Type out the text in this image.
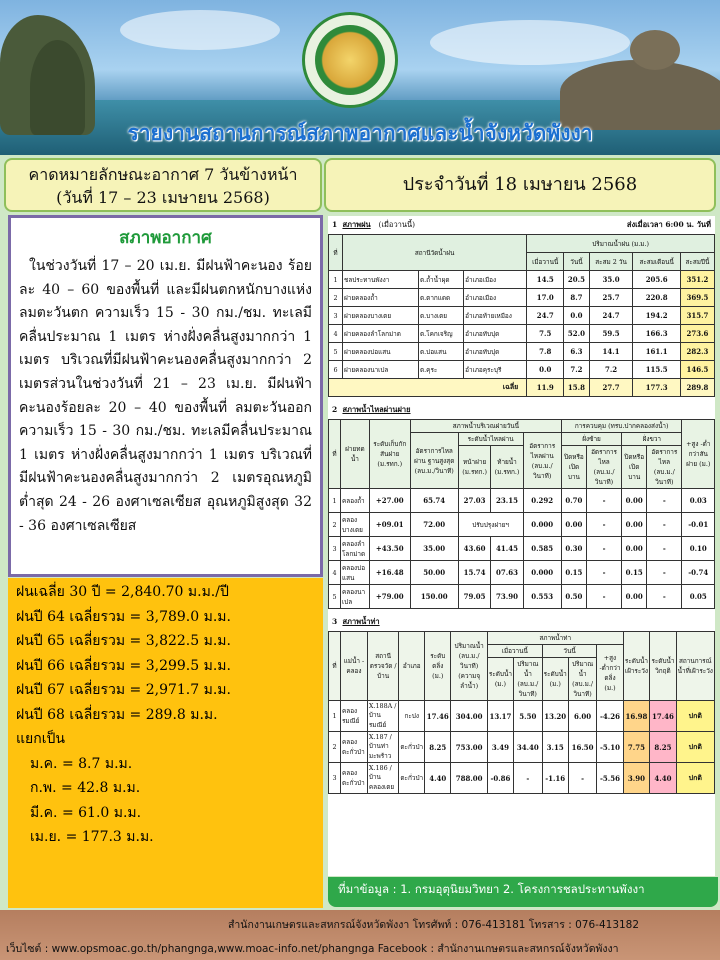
รายงานสถานการณ์สภาพอากาศและน้ำจังหวัดพังงา
คาดหมายลักษณะอากาศ 7 วันข้างหน้า
(วันที่ 17 – 23 เมษายน 2568)
ประจำวันที่ 18 เมษายน 2568
สภาพอากาศ
ในช่วงวันที่ 17 – 20 เม.ย. มีฝนฟ้าคะนอง ร้อยละ 40 – 60 ของพื้นที่ และมีฝนตกหนักบางแห่งลมตะวันตก ความเร็ว 15 - 30 กม./ชม. ทะเลมีคลื่นประมาณ 1 เมตร ห่างฝั่งคลื่นสูงมากกว่า 1 เมตร บริเวณที่มีฝนฟ้าคะนองคลื่นสูงมากกว่า 2 เมตรส่วนในช่วงวันที่ 21 – 23 เม.ย. มีฝนฟ้าคะนองร้อยละ 20 – 40 ของพื้นที่ ลมตะวันออก ความเร็ว 15 - 30 กม./ชม. ทะเลมีคลื่นประมาณ 1 เมตร ห่างฝั่งคลื่นสูงมากกว่า 1 เมตร บริเวณที่มีฝนฟ้าคะนองคลื่นสูงมากกว่า 2 เมตรอุณหภูมิต่ำสุด 24 - 26 องศาเซลเซียส อุณหภูมิสูงสุด 32 - 36 องศาเซลเซียส
ฝนเฉลี่ย 30 ปี = 2,840.70 ม.ม./ปี
ฝนปี 64 เฉลี่ยรวม = 3,789.0 ม.ม.
ฝนปี 65 เฉลี่ยรวม = 3,822.5 ม.ม.
ฝนปี 66 เฉลี่ยรวม = 3,299.5 ม.ม.
ฝนปี 67 เฉลี่ยรวม = 2,971.7 ม.ม.
ฝนปี 68 เฉลี่ยรวม = 289.8 ม.ม.
แยกเป็น
ม.ค. = 8.7 ม.ม.
ก.พ. = 42.8 ม.ม.
มี.ค. = 61.0 ม.ม.
เม.ย. = 177.3 ม.ม.
1 สภาพฝน (เมื่อวานนี้)	ส่งเมื่อเวลา 6:00 น. วันที่
ที่	สถานีวัดน้ำฝน			ปริมาณน้ำฝน (ม.ม.)				
				เมื่อวานนี้	วันนี้	สะสม 2 วัน	สะสมเดือนนี้	สะสมปีนี้
1	ชลประทานพังงา	ต.ถ้ำน้ำผุด	อำเภอเมือง	14.5	20.5	35.0	205.6	351.2
2	ฝายคลองถ้ำ	ต.ตากแดด	อำเภอเมือง	17.0	8.7	25.7	220.8	369.5
3	ฝายคลองบางเตย	ต.บางเตย	อำเภอท้ายเหมือง	24.7	0.0	24.7	194.2	315.7
4	ฝายคลองลำโลกม่าด	ต.โคกเจริญ	อำเภอทับปุด	7.5	52.0	59.5	166.3	273.6
5	ฝายคลองบ่อแสน	ต.บ่อแสน	อำเภอทับปุด	7.8	6.3	14.1	161.1	282.3
6	ฝายคลองนาเปล	ต.คุระ	อำเภอคุระบุรี	0.0	7.2	7.2	115.5	146.5
เฉลี่ย				11.9	15.8	27.7	177.3	289.8
2 สภาพน้ำไหลผ่านฝาย
ที่	ฝายทดน้ำ	ระดับเก็บกักสันฝาย (ม.รทก.)	สภาพน้ำบริเวณฝายวันนี้				การควบคุม (ทรบ.ปากคลองส่งน้ำ)				+สูง -ต่ำกว่าสันฝาย (ม.)
			อัตราการไหลผ่าน ฐานสูงสุด (ลบ.ม./วินาที)	ระดับน้ำไหลผ่าน		อัตราการไหลผ่าน (ลบ.ม./วินาที)	ฝั่งซ้าย		ฝั่งขวา		
				หน้าฝาย (ม.รทก.)	ท้ายน้ำ (ม.รทก.)		ปิดหรือเปิดบาน	อัตราการไหล (ลบ.ม./วินาที)	ปิดหรือเปิดบาน	อัตราการไหล (ลบ.ม./วินาที)	
1	คลองถ้ำ	+27.00	65.74	27.03	23.15	0.292	0.70	-	0.00	-	0.03
2	คลองบางเตย	+09.01	72.00	ปรับปรุงฝายฯ		0.000	0.00	-	0.00	-	-0.01
3	คลองลำโลกม่าด	+43.50	35.00	43.60	41.45	0.585	0.30	-	0.00	-	0.10
4	คลองบ่อแสน	+16.48	50.00	15.74	07.63	0.000	0.15	-	0.15	-	-0.74
5	คลองนาเปล	+79.00	150.00	79.05	73.90	0.553	0.50	-	0.00	-	0.05
3 สภาพน้ำท่า
ที่	แม่น้ำ - คลอง	สถานีตรวจวัด / บ้าน	อำเภอ	ระดับตลิ่ง (ม.)	ปริมาณน้ำ (ลบ.ม./วินาที) (ความจุลำน้ำ)	สภาพน้ำท่า					ระดับน้ำเฝ้าระวัง	ระดับน้ำวิกฤติ	สถานการณ์น้ำที่เฝ้าระวัง
						เมื่อวานนี้		วันนี้		+สูง -ต่ำกว่าตลิ่ง (ม.)			
						ระดับน้ำ (ม.)	ปริมาณน้ำ (ลบ.ม./วินาที)	ระดับน้ำ (ม.)	ปริมาณน้ำ (ลบ.ม./วินาที)				
1	คลองรมณีย์	X.188A / บ้านรมณีย์	กะปง	17.46	304.00	13.17	5.50	13.20	6.00	-4.26	16.98	17.46	ปกติ
2	คลองตะกั่วป่า	X.187 / บ้านท่ามะพร้าว	ตะกั่วป่า	8.25	753.00	3.49	34.40	3.15	16.50	-5.10	7.75	8.25	ปกติ
3	คลองตะกั่วป่า	X.186 / บ้านคลองเตย	ตะกั่วป่า	4.40	788.00	-0.86	-	-1.16	-	-5.56	3.90	4.40	ปกติ
ที่มาข้อมูล : 1. กรมอุตุนิยมวิทยา 2. โครงการชลประทานพังงา
สำนักงานเกษตรและสหกรณ์จังหวัดพังงา โทรศัพท์ : 076-413181 โทรสาร : 076-413182
เว็บไซต์ : www.opsmoac.go.th/phangnga,www.moac-info.net/phangnga Facebook : สำนักงานเกษตรและสหกรณ์จังหวัดพังงา
